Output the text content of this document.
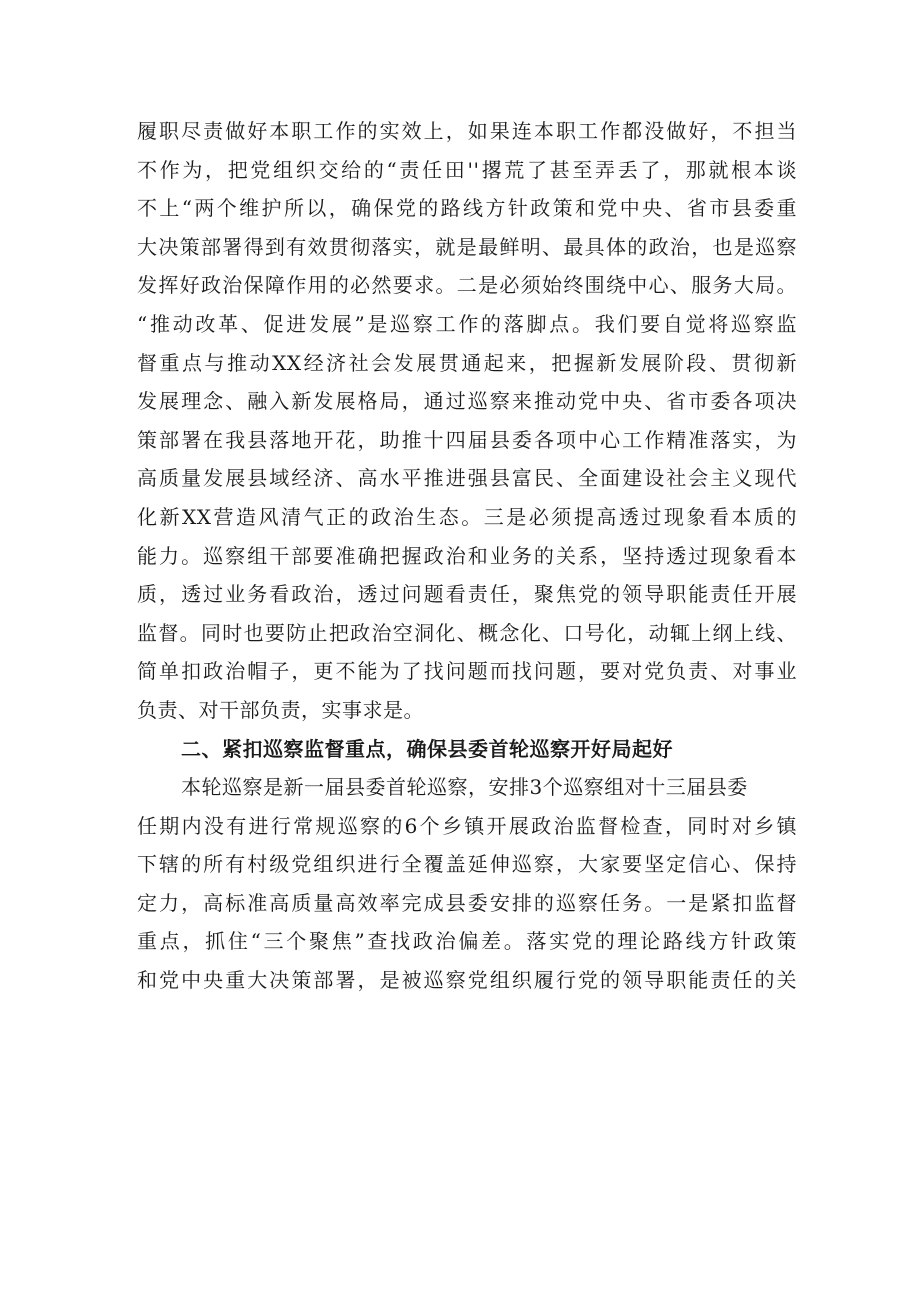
履职尽责做好本职工作的实效上，如果连本职工作都没做好，不担当
不作为，把党组织交给的“责任田''撂荒了甚至弄丢了，那就根本谈
不上“两个维护所以，确保党的路线方针政策和党中央、省市县委重
大决策部署得到有效贯彻落实，就是最鲜明、最具体的政治，也是巡察
发挥好政治保障作用的必然要求。二是必须始终围绕中心、服务大局。
“推动改革、促进发展”是巡察工作的落脚点。我们要自觉将巡察监
督重点与推动XX经济社会发展贯通起来，把握新发展阶段、贯彻新
发展理念、融入新发展格局，通过巡察来推动党中央、省市委各项决
策部署在我县落地开花，助推十四届县委各项中心工作精准落实，为
高质量发展县域经济、高水平推进强县富民、全面建设社会主义现代
化新XX营造风清气正的政治生态。三是必须提高透过现象看本质的
能力。巡察组干部要准确把握政治和业务的关系，坚持透过现象看本
质，透过业务看政治，透过问题看责任，聚焦党的领导职能责任开展
监督。同时也要防止把政治空洞化、概念化、口号化，动辄上纲上线、
简单扣政治帽子，更不能为了找问题而找问题，要对党负责、对事业
负责、对干部负责，实事求是。
二、紧扣巡察监督重点，确保县委首轮巡察开好局起好
本轮巡察是新一届县委首轮巡察，安排3个巡察组对十三届县委
任期内没有进行常规巡察的6个乡镇开展政治监督检查，同时对乡镇
下辖的所有村级党组织进行全覆盖延伸巡察，大家要坚定信心、保持
定力，高标准高质量高效率完成县委安排的巡察任务。一是紧扣监督
重点，抓住“三个聚焦”查找政治偏差。落实党的理论路线方针政策
和党中央重大决策部署，是被巡察党组织履行党的领导职能责任的关
